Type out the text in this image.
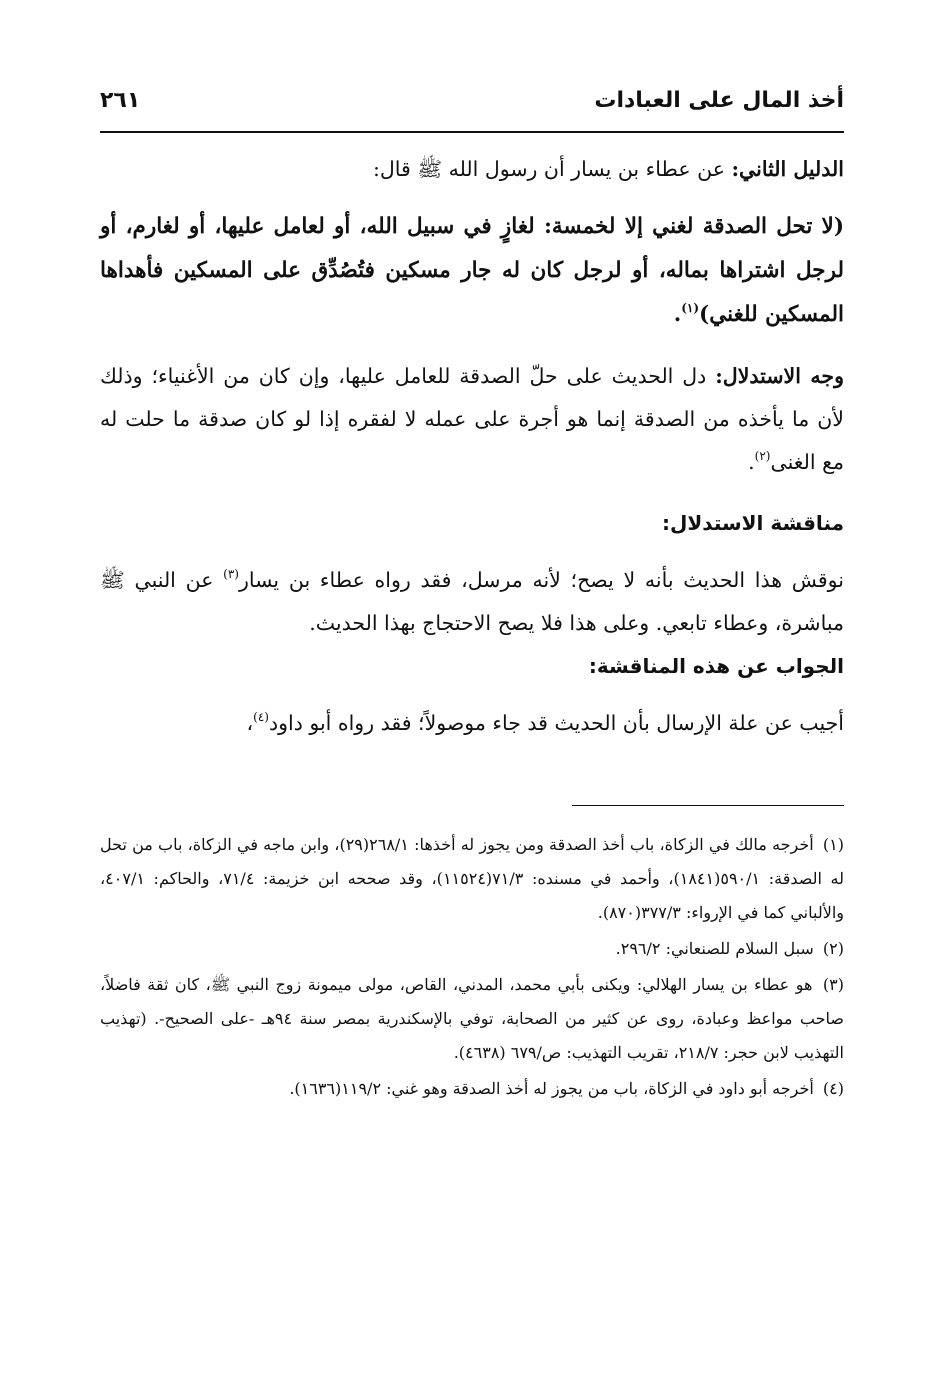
أخذ المال على العبادات
٢٦١

الدليل الثاني: عن عطاء بن يسار أن رسول الله ﷺ قال:

(لا تحل الصدقة لغني إلا لخمسة: لغازٍ في سبيل الله، أو لعامل عليها، أو لغارم، أو لرجل اشتراها بماله، أو لرجل كان له جار مسكين فتُصُدِّق على المسكين فأهداها المسكين للغني)$^{(١)}$.

وجه الاستدلال: دل الحديث على حلّ الصدقة للعامل عليها، وإن كان من الأغنياء؛ وذلك لأن ما يأخذه من الصدقة إنما هو أجرة على عمله لا لفقره إذا لو كان صدقة ما حلت له مع الغنى$^{(٢)}$.

مناقشة الاستدلال:

نوقش هذا الحديث بأنه لا يصح؛ لأنه مرسل، فقد رواه عطاء بن يسار$^{(٣)}$ عن النبي ﷺ مباشرة، وعطاء تابعي. وعلى هذا فلا يصح الاحتجاج بهذا الحديث.

الجواب عن هذه المناقشة:

أجيب عن علة الإرسال بأن الحديث قد جاء موصولاً؛ فقد رواه أبو داود$^{(٤)}$،

(١) أخرجه مالك في الزكاة، باب أخذ الصدقة ومن يجوز له أخذها: ٢٦٨/١(٢٩)، وابن ماجه في الزكاة، باب من تحل له الصدقة: ٥٩٠/١(١٨٤١)، وأحمد في مسنده: ٧١/٣(١١٥٢٤)، وقد صححه ابن خزيمة: ٧١/٤، والحاكم: ٤٠٧/١، والألباني كما في الإرواء: ٣٧٧/٣(٨٧٠).

(٢) سبل السلام للصنعاني: ٢٩٦/٢.

(٣) هو عطاء بن يسار الهلالي: ويكنى بأبي محمد، المدني، القاص، مولى ميمونة زوج النبي ﷺ، كان ثقة فاضلاً، صاحب مواعظ وعبادة، روى عن كثير من الصحابة، توفي بالإسكندرية بمصر سنة ٩٤هـ -على الصحيح-. (تهذيب التهذيب لابن حجر: ٢١٨/٧، تقريب التهذيب: ص/٦٧٩ (٤٦٣٨).

(٤) أخرجه أبو داود في الزكاة، باب من يجوز له أخذ الصدقة وهو غني: ١١٩/٢(١٦٣٦).
